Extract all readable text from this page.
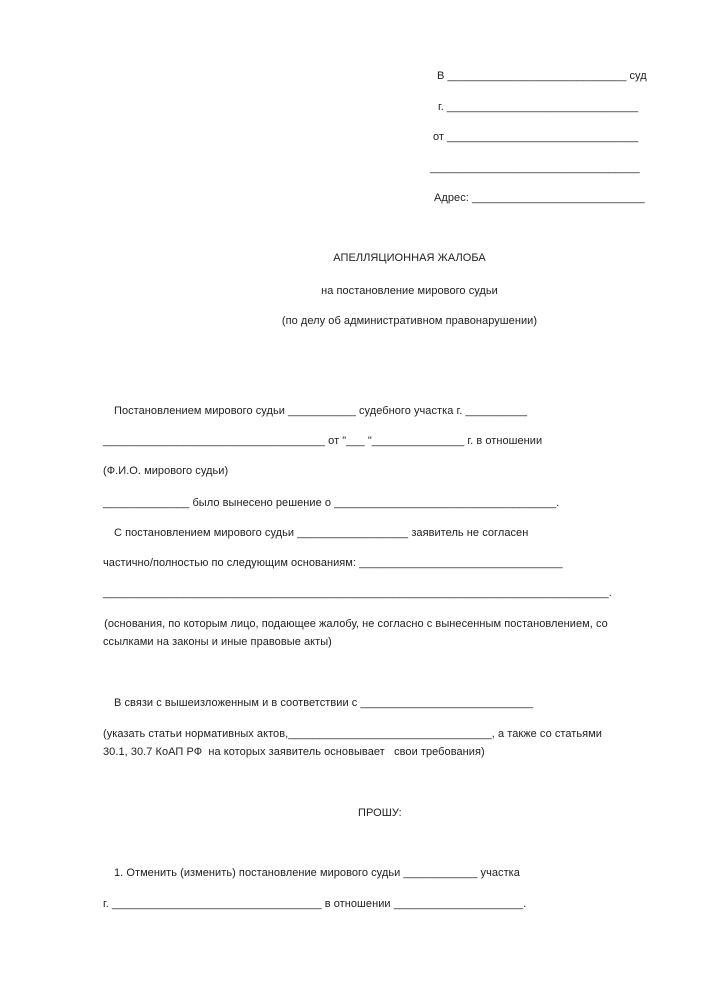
В _____________________________ суд
г. _______________________________
от _______________________________
__________________________________
Адрес: ____________________________
АПЕЛЛЯЦИОННАЯ ЖАЛОБА
на постановление мирового судьи
(по делу об административном правонарушении)
Постановлением мирового судьи ___________ судебного участка г. __________
____________________________________ от "___ "_______________ г. в отношении
(Ф.И.О. мирового судьи)
______________ было вынесено решение о ____________________________________.
С постановлением мирового судьи __________________ заявитель не согласен
частично/полностью по следующим основаниям: _________________________________
__________________________________________________________________________________.
(основания, по которым лицо, подающее жалобу, не согласно с вынесенным постановлением, со
ссылками на законы и иные правовые акты)
В связи с вышеизложенным и в соответствии с ____________________________
(указать статьи нормативных актов,_________________________________, а также со статьями
30.1, 30.7 КоАП РФ  на которых заявитель основывает   свои требования)
ПРОШУ:
1. Отменить (изменить) постановление мирового судьи ____________ участка
г. __________________________________ в отношении _____________________.
